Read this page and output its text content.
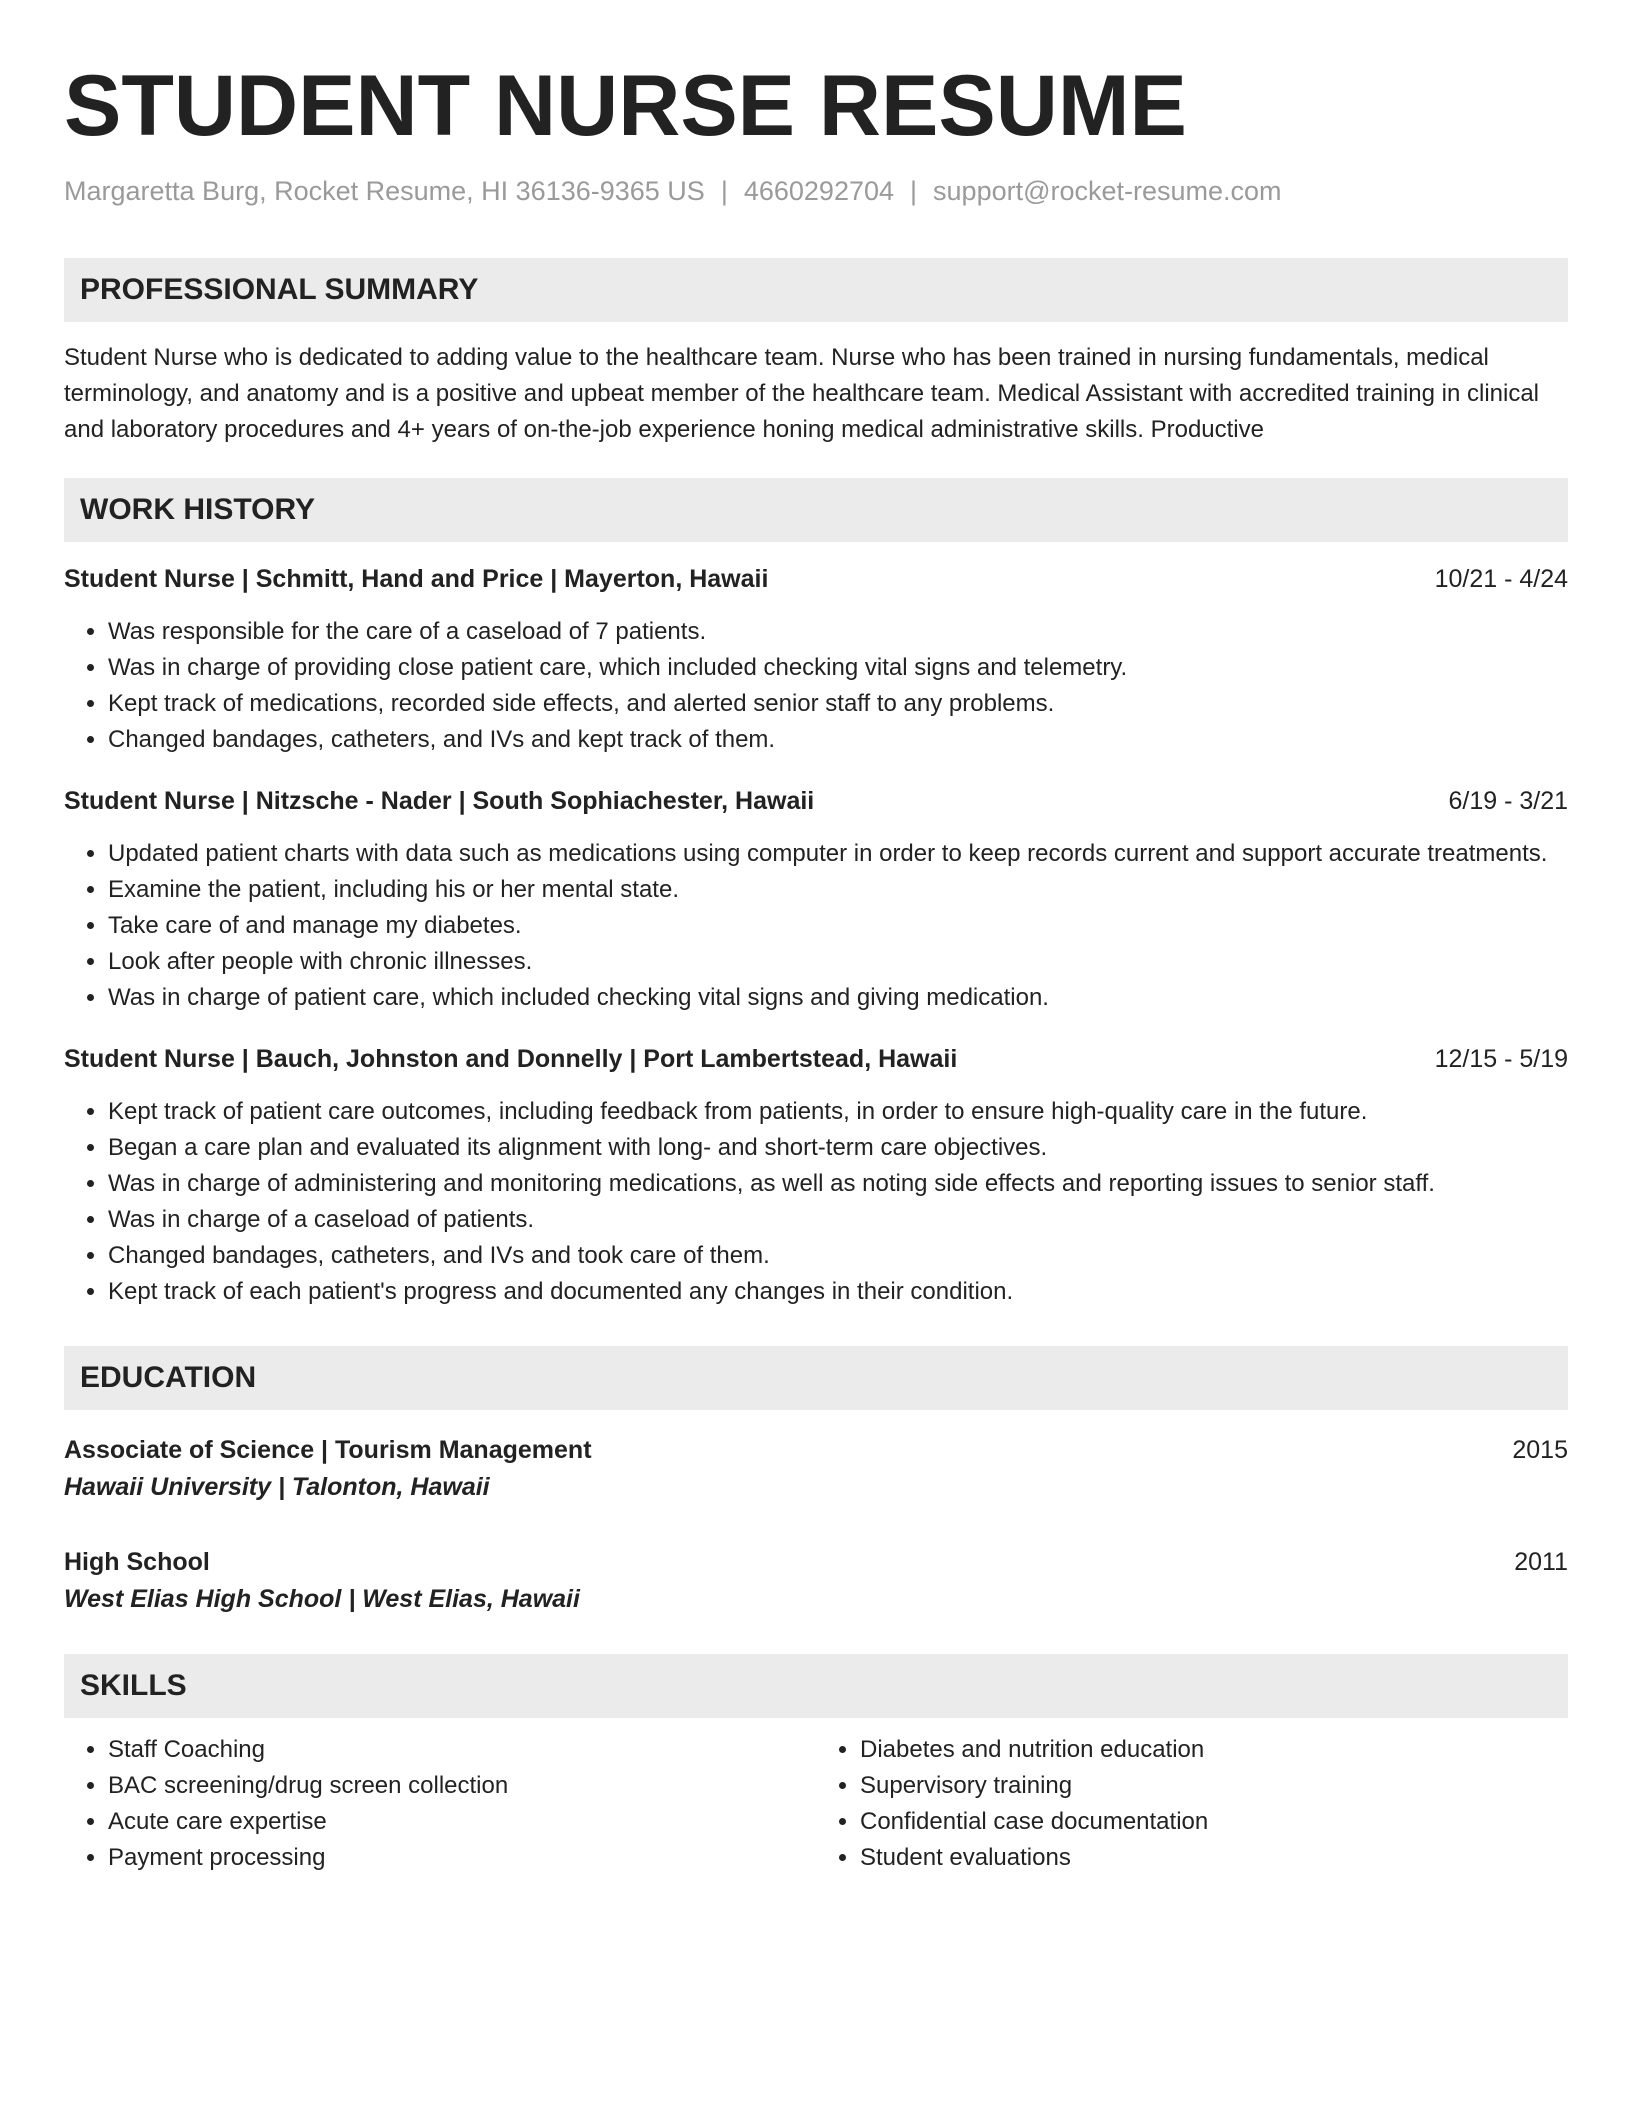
STUDENT NURSE RESUME
Margaretta Burg, Rocket Resume, HI 36136-9365 US | 4660292704 | support@rocket-resume.com
PROFESSIONAL SUMMARY
Student Nurse who is dedicated to adding value to the healthcare team. Nurse who has been trained in nursing fundamentals, medical terminology, and anatomy and is a positive and upbeat member of the healthcare team. Medical Assistant with accredited training in clinical and laboratory procedures and 4+ years of on-the-job experience honing medical administrative skills. Productive
WORK HISTORY
Student Nurse | Schmitt, Hand and Price | Mayerton, Hawaii	10/21 - 4/24
• Was responsible for the care of a caseload of 7 patients.
• Was in charge of providing close patient care, which included checking vital signs and telemetry.
• Kept track of medications, recorded side effects, and alerted senior staff to any problems.
• Changed bandages, catheters, and IVs and kept track of them.
Student Nurse | Nitzsche - Nader | South Sophiachester, Hawaii	6/19 - 3/21
• Updated patient charts with data such as medications using computer in order to keep records current and support accurate treatments.
• Examine the patient, including his or her mental state.
• Take care of and manage my diabetes.
• Look after people with chronic illnesses.
• Was in charge of patient care, which included checking vital signs and giving medication.
Student Nurse | Bauch, Johnston and Donnelly | Port Lambertstead, Hawaii	12/15 - 5/19
• Kept track of patient care outcomes, including feedback from patients, in order to ensure high-quality care in the future.
• Began a care plan and evaluated its alignment with long- and short-term care objectives.
• Was in charge of administering and monitoring medications, as well as noting side effects and reporting issues to senior staff.
• Was in charge of a caseload of patients.
• Changed bandages, catheters, and IVs and took care of them.
• Kept track of each patient's progress and documented any changes in their condition.
EDUCATION
Associate of Science | Tourism Management	2015
Hawaii University | Talonton, Hawaii
High School	2011
West Elias High School | West Elias, Hawaii
SKILLS
• Staff Coaching
• BAC screening/drug screen collection
• Acute care expertise
• Payment processing
• Diabetes and nutrition education
• Supervisory training
• Confidential case documentation
• Student evaluations
